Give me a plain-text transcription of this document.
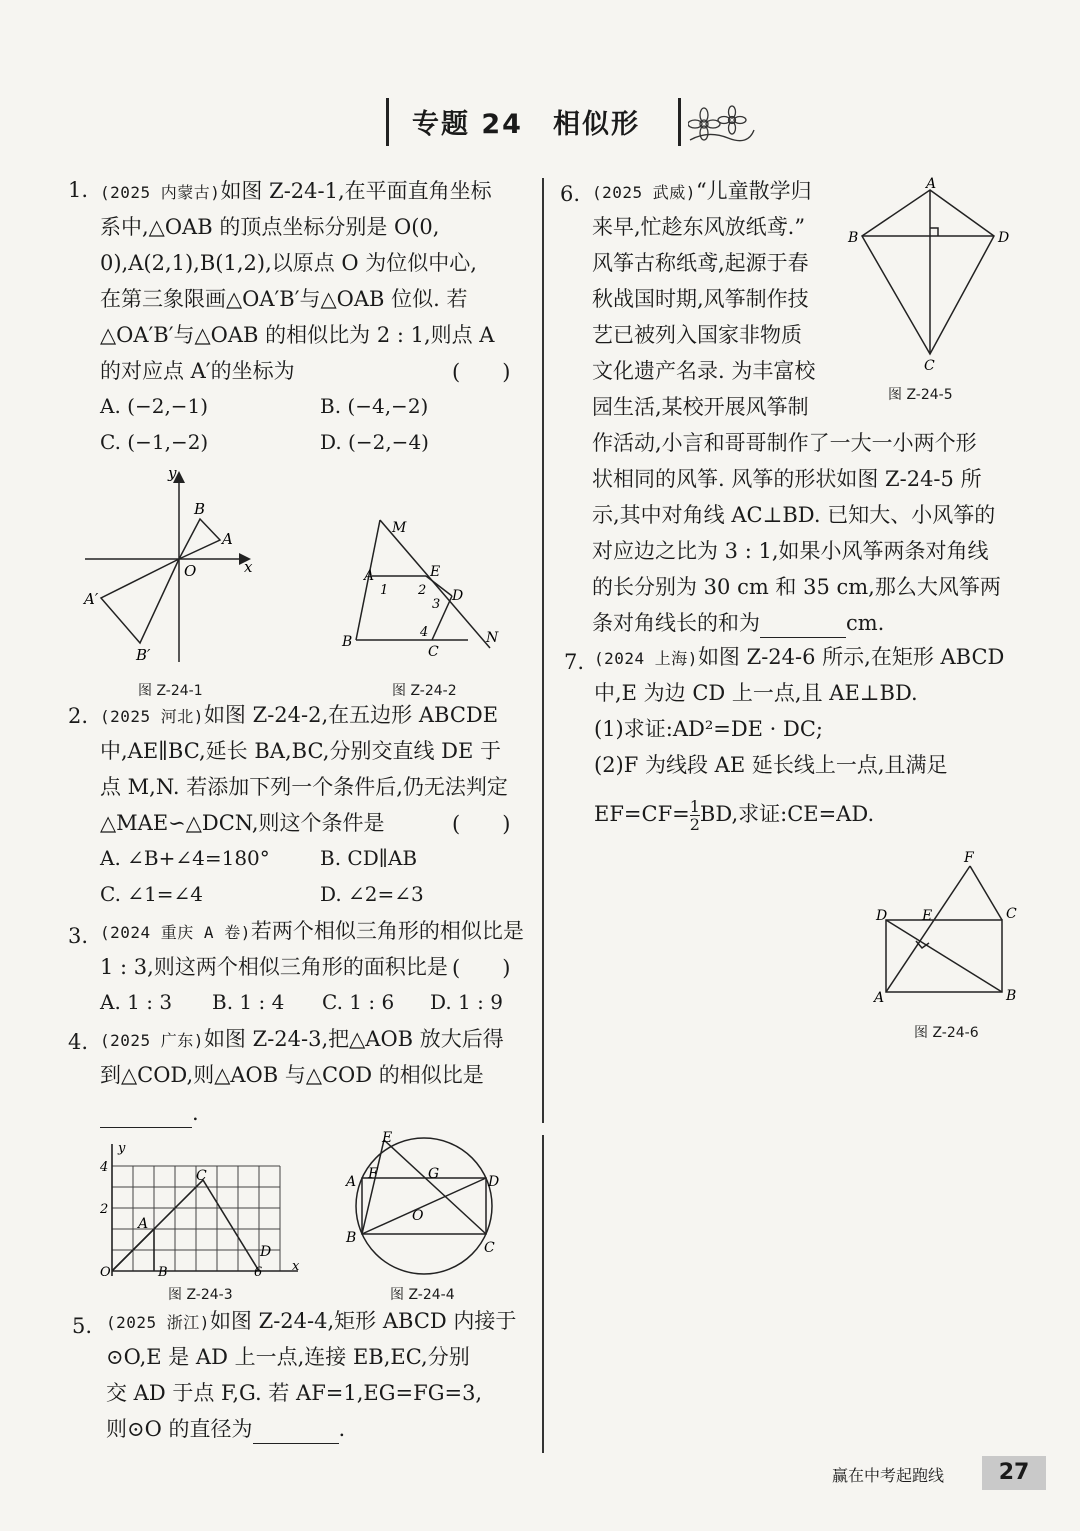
专题 24 相似形
1. (2025 内蒙古)如图 Z-24-1,在平面直角坐标
系中,△OAB 的顶点坐标分别是 O(0,
0),A(2,1),B(1,2),以原点 O 为位似中心,
在第三象限画△OA′B′与△OAB 位似. 若
△OA′B′与△OAB 的相似比为 2 : 1,则点 A
的对应点 A′的坐标为	(　　)
A. (−2,−1)	B. (−4,−2)
C. (−1,−2)	D. (−2,−4)
y
x
O
A
B
A′
B′
图 Z-24-1
M
A	E
1 2
3
D
4
B
C
N
图 Z-24-2
2. (2025 河北)如图 Z-24-2,在五边形 ABCDE
中,AE∥BC,延长 BA,BC,分别交直线 DE 于
点 M,N. 若添加下列一个条件后,仍无法判定
△MAE∽△DCN,则这个条件是	(　　)
A. ∠B+∠4=180°	B. CD∥AB
C. ∠1=∠4	D. ∠2=∠3
3. (2024 重庆 A 卷)若两个相似三角形的相似比是
1 : 3,则这两个相似三角形的面积比是 (　　)
A. 1 : 3 B. 1 : 4 C. 1 : 6 D. 1 : 9
4. (2025 广东)如图 Z-24-3,把△AOB 放大后得
到△COD,则△AOB 与△COD 的相似比是
.
y
4
2
O	B	6 x
A
C
D
图 Z-24-3
E
F	G
A	D
O
B
C
图 Z-24-4
5. (2025 浙江)如图 Z-24-4,矩形 ABCD 内接于
⊙O,E 是 AD 上一点,连接 EB,EC,分别
交 AD 于点 F,G. 若 AF=1,EG=FG=3,
则⊙O 的直径为	.
6. (2025 武威)“儿童散学归
来早,忙趁东风放纸鸢.”
风筝古称纸鸢,起源于春
秋战国时期,风筝制作技
艺已被列入国家非物质
文化遗产名录. 为丰富校
园生活,某校开展风筝制
作活动,小言和哥哥制作了一大一小两个形
状相同的风筝. 风筝的形状如图 Z-24-5 所
示,其中对角线 AC⊥BD. 已知大、小风筝的
对应边之比为 3 : 1,如果小风筝两条对角线
的长分别为 30 cm 和 35 cm,那么大风筝两
条对角线长的和为	cm.
A
B	D
C
图 Z-24-5
7. (2024 上海)如图 Z-24-6 所示,在矩形 ABCD
中,E 为边 CD 上一点,且 AE⊥BD.
(1)求证:AD²=DE · DC;
(2)F 为线段 AE 延长线上一点,且满足
$EF=CF= \frac{1}{2}$ BD,求证:CE=AD.
F
D E	C
A	B
图 Z-24-6
赢在中考起跑线	27
